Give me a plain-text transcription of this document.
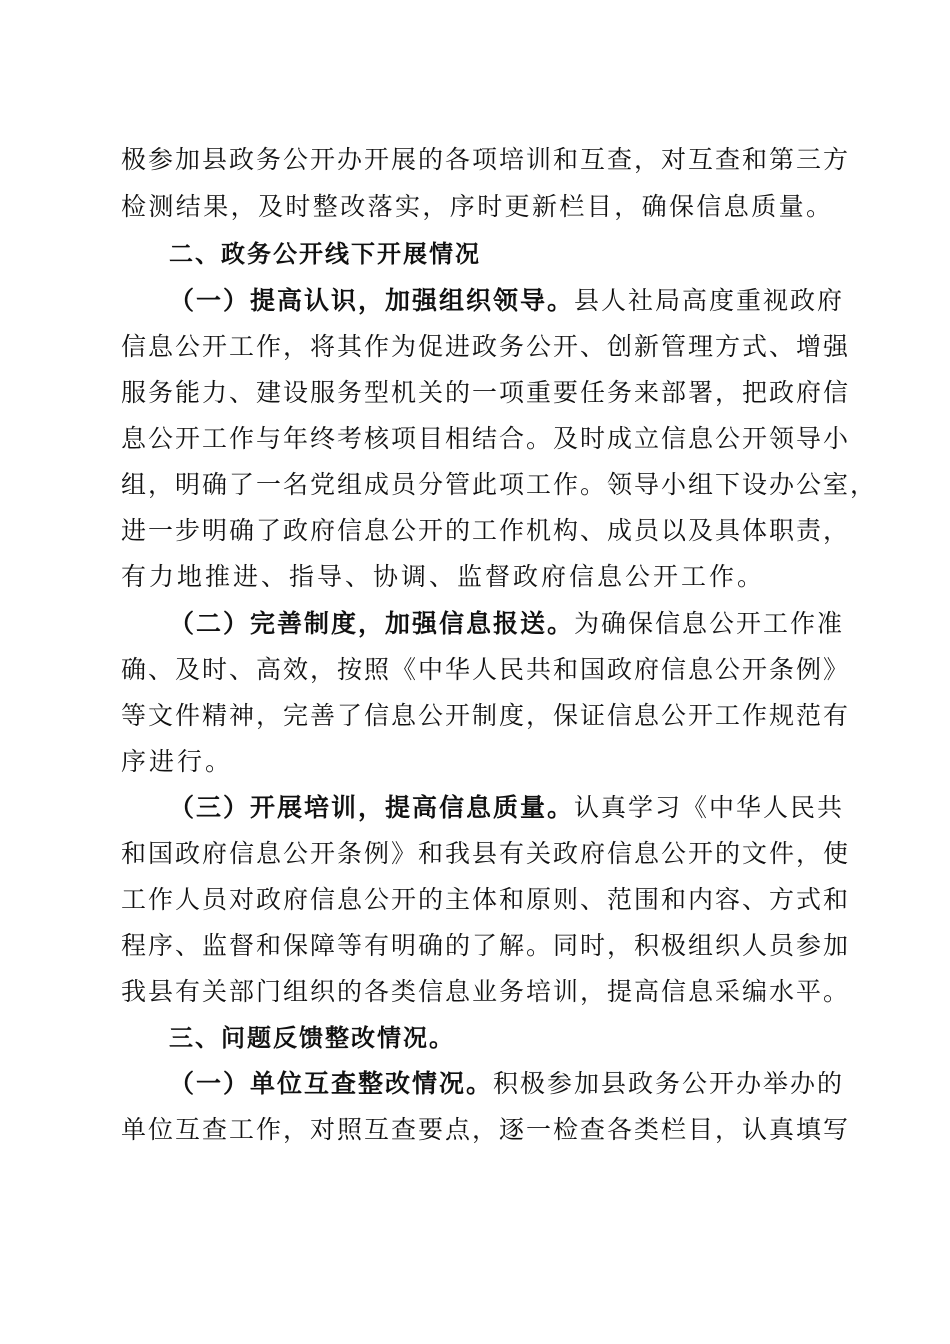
极参加县政务公开办开展的各项培训和互查，对互查和第三方
检测结果，及时整改落实，序时更新栏目，确保信息质量。
二、政务公开线下开展情况
（一）提高认识，加强组织领导。县人社局高度重视政府
信息公开工作，将其作为促进政务公开、创新管理方式、增强
服务能力、建设服务型机关的一项重要任务来部署，把政府信
息公开工作与年终考核项目相结合。及时成立信息公开领导小
组，明确了一名党组成员分管此项工作。领导小组下设办公室，
进一步明确了政府信息公开的工作机构、成员以及具体职责，
有力地推进、指导、协调、监督政府信息公开工作。
（二）完善制度，加强信息报送。为确保信息公开工作准
确、及时、高效，按照《中华人民共和国政府信息公开条例》
等文件精神，完善了信息公开制度，保证信息公开工作规范有
序进行。
（三）开展培训，提高信息质量。认真学习《中华人民共
和国政府信息公开条例》和我县有关政府信息公开的文件，使
工作人员对政府信息公开的主体和原则、范围和内容、方式和
程序、监督和保障等有明确的了解。同时，积极组织人员参加
我县有关部门组织的各类信息业务培训，提高信息采编水平。
三、问题反馈整改情况。
（一）单位互查整改情况。积极参加县政务公开办举办的
单位互查工作，对照互查要点，逐一检查各类栏目，认真填写
